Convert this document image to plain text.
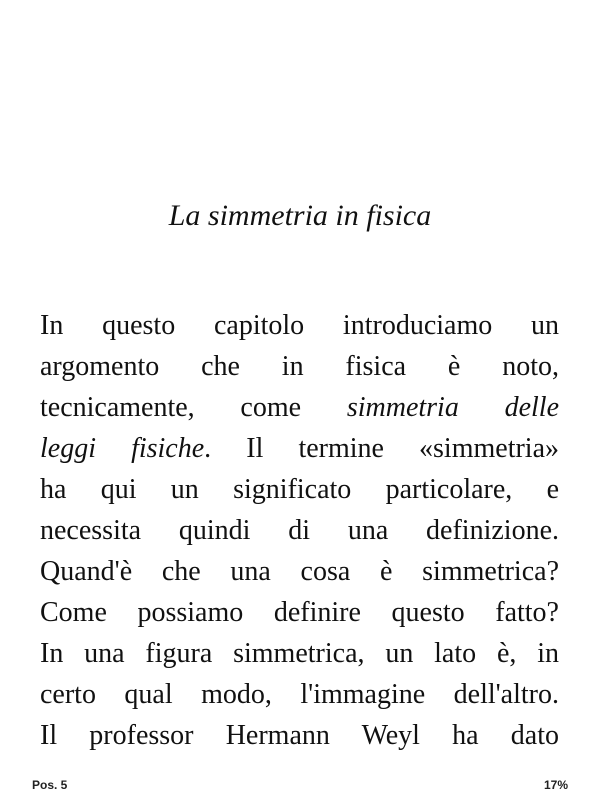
La simmetria in fisica
In questo capitolo introduciamo un
argomento che in fisica è noto,
tecnicamente, come simmetria delle
leggi fisiche. Il termine «simmetria»
ha qui un significato particolare, e
necessita quindi di una definizione.
Quand'è che una cosa è simmetrica?
Come possiamo definire questo fatto?
In una figura simmetrica, un lato è, in
certo qual modo, l'immagine dell'altro.
Il professor Hermann Weyl ha dato
Pos. 5	17%
